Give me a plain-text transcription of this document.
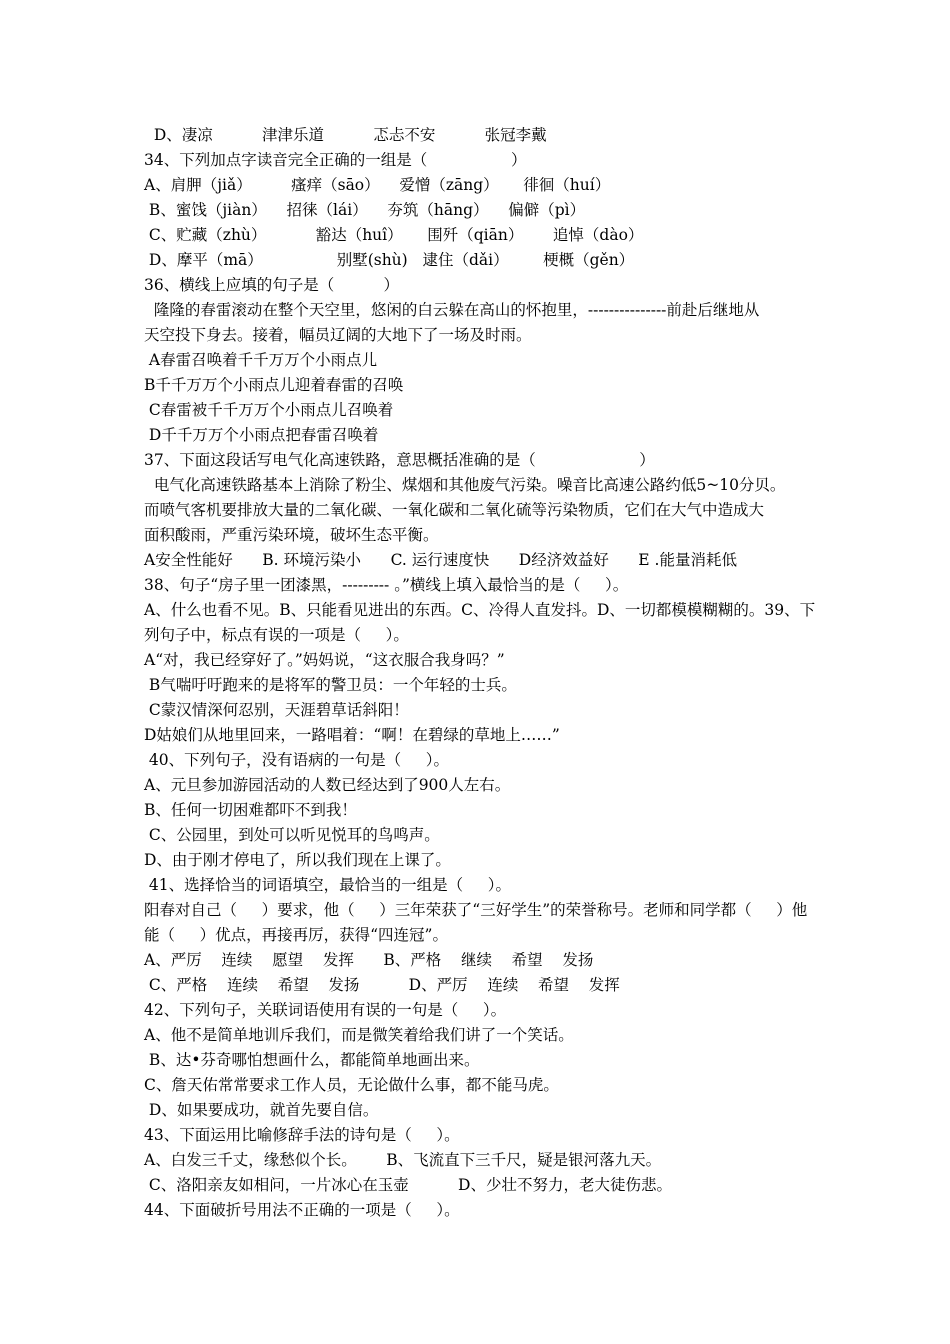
D、凄凉          津津乐道          忑忐不安          张冠李戴

34、下列加点字读音完全正确的一组是（                 ）

A、肩胛（jiǎ）        瘙痒（sāo）    爱憎（zāng）     徘徊（huí）

B、蜜饯（jiàn）    招徕（lái）    夯筑（hāng）    偏僻（pì）

C、贮藏（zhù）          豁达（huî）     围歼（qiān）      追悼（dào）

D、摩平（mā）               别墅(shù)   逮住（dǎi）       梗概（gěn）

36、横线上应填的句子是（          ）

隆隆的春雷滚动在整个天空里，悠闲的白云躲在高山的怀抱里，---------------前赴后继地从

天空投下身去。接着，幅员辽阔的大地下了一场及时雨。

A春雷召唤着千千万万个小雨点儿

B千千万万个小雨点儿迎着春雷的召唤

C春雷被千千万万个小雨点儿召唤着

D千千万万个小雨点把春雷召唤着

37、下面这段话写电气化高速铁路，意思概括准确的是（                     ）

电气化高速铁路基本上消除了粉尘、煤烟和其他废气污染。噪音比高速公路约低5~10分贝。

而喷气客机要排放大量的二氧化碳、一氧化碳和二氧化硫等污染物质，它们在大气中造成大

面积酸雨，严重污染环境，破坏生态平衡。

A安全性能好      B. 环境污染小      C. 运行速度快      D经济效益好      E .能量消耗低

38、句子“房子里一团漆黑，--------- 。”横线上填入最恰当的是（     ）。

A、什么也看不见。B、只能看见进出的东西。C、冷得人直发抖。D、一切都模模糊糊的。39、下

列句子中，标点有误的一项是（     ）。

A“对，我已经穿好了。”妈妈说，“这衣服合我身吗？”

B气喘吁吁跑来的是将军的警卫员：一个年轻的士兵。

C蒙汉情深何忍别，天涯碧草话斜阳！

D姑娘们从地里回来，一路唱着：“啊！在碧绿的草地上……”

40、下列句子，没有语病的一句是（     ）。

A、元旦参加游园活动的人数已经达到了900人左右。

B、任何一切困难都吓不到我！

C、公园里，到处可以听见悦耳的鸟鸣声。

D、由于刚才停电了，所以我们现在上课了。

41、选择恰当的词语填空，最恰当的一组是（     ）。

阳春对自己（     ）要求，他（     ）三年荣获了“三好学生”的荣誉称号。老师和同学都（     ）他

能（     ）优点，再接再厉，获得“四连冠”。

A、严厉    连续    愿望    发挥      B、严格    继续    希望    发扬

C、严格    连续    希望    发扬          D、严厉    连续    希望    发挥

42、下列句子，关联词语使用有误的一句是（     ）。

A、他不是简单地训斥我们，而是微笑着给我们讲了一个笑话。

B、达•芬奇哪怕想画什么，都能简单地画出来。

C、詹天佑常常要求工作人员，无论做什么事，都不能马虎。

D、如果要成功，就首先要自信。

43、下面运用比喻修辞手法的诗句是（     ）。

A、白发三千丈，缘愁似个长。      B、飞流直下三千尺，疑是银河落九天。

C、洛阳亲友如相问，一片冰心在玉壶          D、少壮不努力，老大徒伤悲。

44、下面破折号用法不正确的一项是（     ）。
